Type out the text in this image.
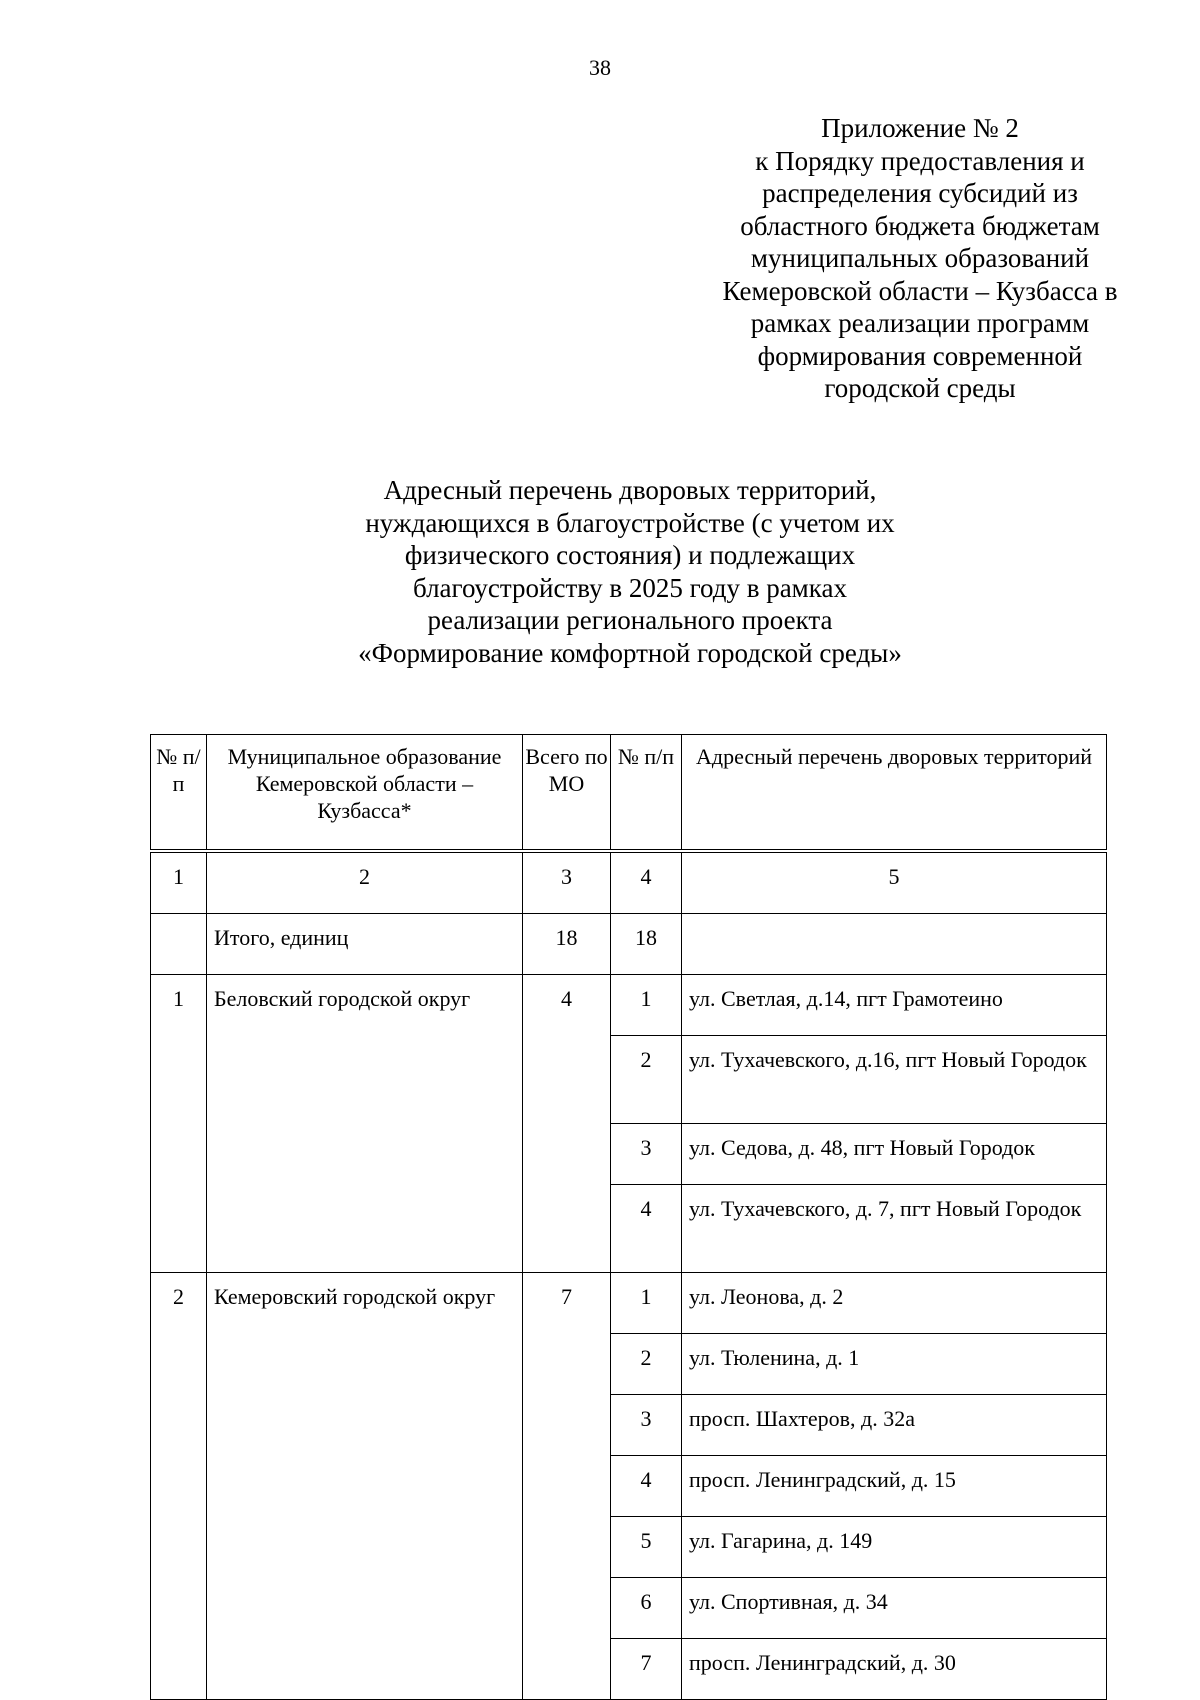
38
Приложение № 2
к Порядку предоставления и
распределения субсидий из
областного бюджета бюджетам
муниципальных образований
Кемеровской области – Кузбасса в
рамках реализации программ
формирования современной
городской среды
Адресный перечень дворовых территорий,
нуждающихся в благоустройстве (с учетом их
физического состояния) и подлежащих
благоустройству в 2025 году в рамках
реализации регионального проекта
«Формирование комфортной городской среды»
№ п/п	Муниципальное образование Кемеровской области – Кузбасса*	Всего по МО	№ п/п	Адресный перечень дворовых территорий
1	2	3	4	5
	Итого, единиц	18	18	
1	Беловский городской округ	4	1	ул. Светлая, д.14, пгт Грамотеино
			2	ул. Тухачевского, д.16, пгт Новый Городок
			3	ул. Седова, д. 48, пгт Новый Городок
			4	ул. Тухачевского, д. 7, пгт Новый Городок
2	Кемеровский городской округ	7	1	ул. Леонова, д. 2
			2	ул. Тюленина, д. 1
			3	просп. Шахтеров, д. 32а
			4	просп. Ленинградский, д. 15
			5	ул. Гагарина, д. 149
			6	ул. Спортивная, д. 34
			7	просп. Ленинградский, д. 30
